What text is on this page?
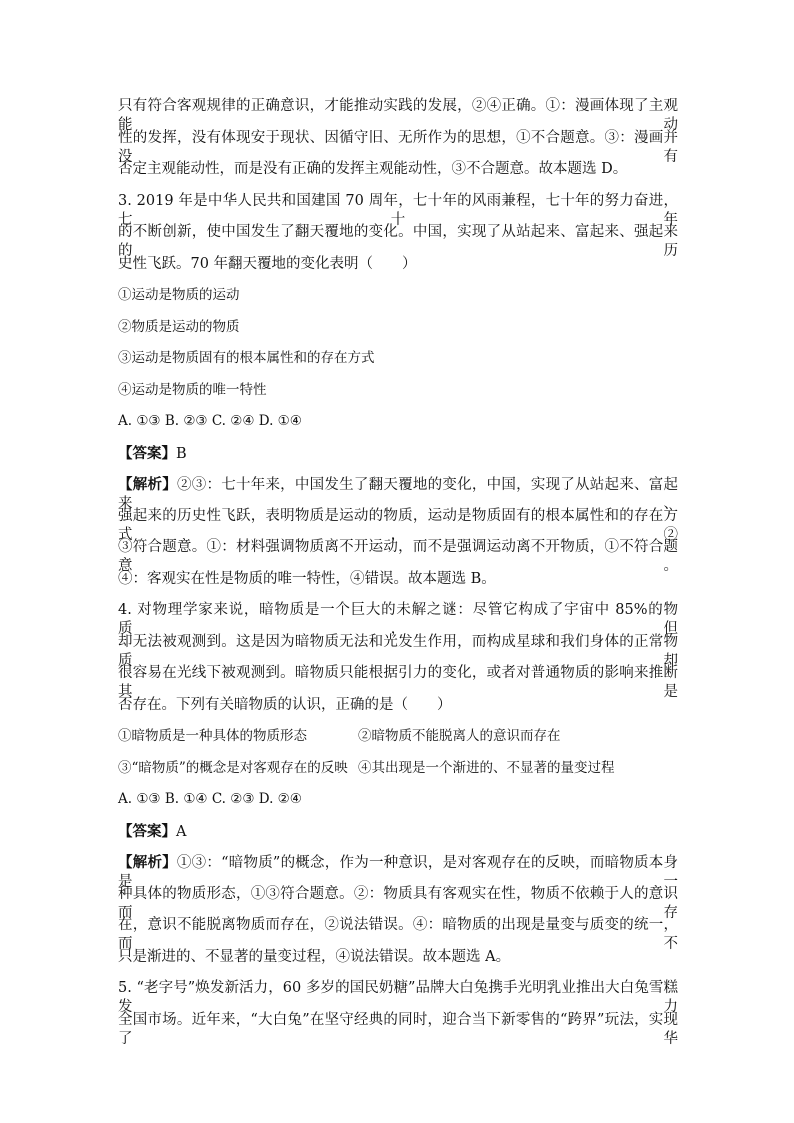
只有符合客观规律的正确意识，才能推动实践的发展，②④正确。①：漫画体现了主观能动
性的发挥，没有体现安于现状、因循守旧、无所作为的思想，①不合题意。③：漫画并没有
否定主观能动性，而是没有正确的发挥主观能动性，③不合题意。故本题选 D。
3. 2019 年是中华人民共和国建国 70 周年，七十年的风雨兼程，七十年的努力奋进，七十年
的不断创新，使中国发生了翻天覆地的变化。中国，实现了从站起来、富起来、强起来的历
史性飞跃。70 年翻天覆地的变化表明（　　）
①运动是物质的运动
②物质是运动的物质
③运动是物质固有的根本属性和的存在方式
④运动是物质的唯一特性
A. ①③ B. ②③ C. ②④ D. ①④
【答案】B
【解析】②③：七十年来，中国发生了翻天覆地的变化，中国，实现了从站起来、富起来、
强起来的历史性飞跃，表明物质是运动的物质，运动是物质固有的根本属性和的存在方式，②
③符合题意。①：材料强调物质离不开运动，而不是强调运动离不开物质，①不符合题意。
④：客观实在性是物质的唯一特性，④错误。故本题选 B。
4. 对物理学家来说，暗物质是一个巨大的未解之谜：尽管它构成了宇宙中 85%的物质，但
却无法被观测到。这是因为暗物质无法和光发生作用，而构成星球和我们身体的正常物质却
很容易在光线下被观测到。暗物质只能根据引力的变化，或者对普通物质的影响来推断其是
否存在。下列有关暗物质的认识，正确的是（　　）
①暗物质是一种具体的物质形态	②暗物质不能脱离人的意识而存在
③“暗物质”的概念是对客观存在的反映 ④其出现是一个渐进的、不显著的量变过程
A. ①③ B. ①④ C. ②③ D. ②④
【答案】A
【解析】①③：“暗物质”的概念，作为一种意识，是对客观存在的反映，而暗物质本身是一
种具体的物质形态，①③符合题意。②：物质具有客观实在性，物质不依赖于人的意识而存
在，意识不能脱离物质而存在，②说法错误。④：暗物质的出现是量变与质变的统一，而不
只是渐进的、不显著的量变过程，④说法错误。故本题选 A。
5. “老字号”焕发新活力，60 多岁的国民奶糖”品牌大白兔携手光明乳业推出大白兔雪糕发力
全国市场。近年来，“大白兔”在坚守经典的同时，迎合当下新零售的“跨界”玩法，实现了华
